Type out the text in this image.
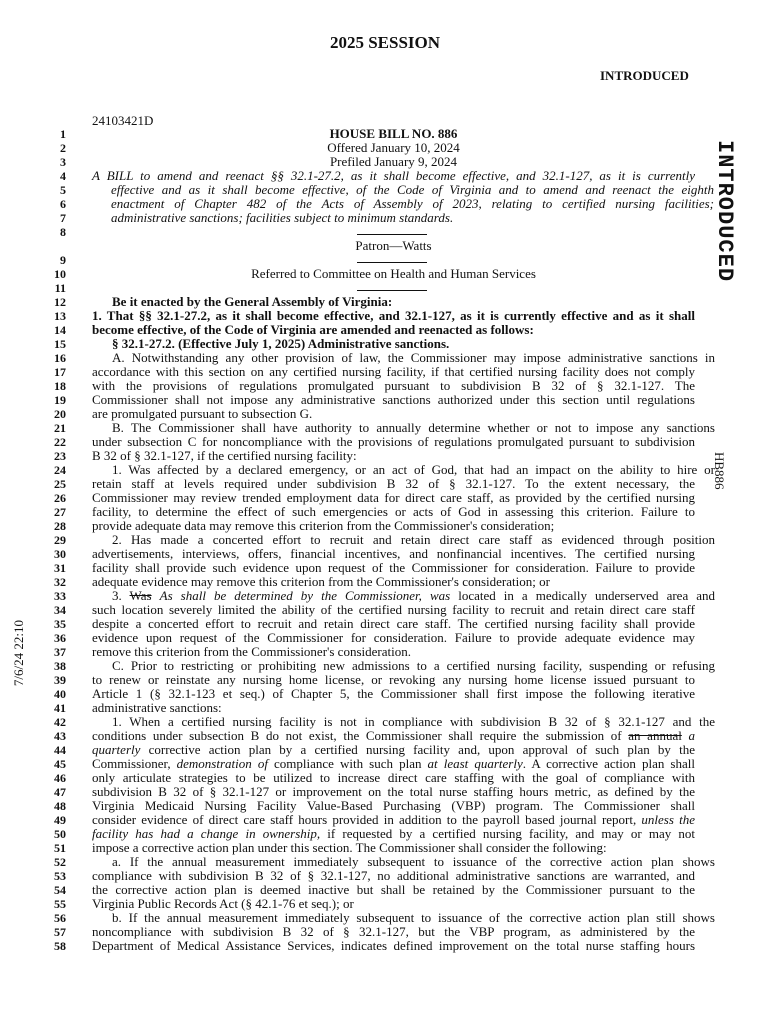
2025 SESSION
INTRODUCED
24103421D
INTRODUCED
HB886
7/6/24 22:10
1	HOUSE BILL NO. 886
2	Offered January 10, 2024
3	Prefiled January 9, 2024
4 A BILL to amend and reenact §§ 32.1-27.2, as it shall become effective, and 32.1-127, as it is currently
5	effective and as it shall become effective, of the Code of Virginia and to amend and reenact the eighth
6	enactment of Chapter 482 of the Acts of Assembly of 2023, relating to certified nursing facilities;
7	administrative sanctions; facilities subject to minimum standards.
8
Patron—Watts
9
10	Referred to Committee on Health and Human Services
11
12	Be it enacted by the General Assembly of Virginia:
13 1. That §§ 32.1-27.2, as it shall become effective, and 32.1-127, as it is currently effective and as it shall
14 become effective, of the Code of Virginia are amended and reenacted as follows:
15	§ 32.1-27.2. (Effective July 1, 2025) Administrative sanctions.
16	A. Notwithstanding any other provision of law, the Commissioner may impose administrative sanctions in
17 accordance with this section on any certified nursing facility, if that certified nursing facility does not comply
18 with the provisions of regulations promulgated pursuant to subdivision B 32 of § 32.1-127. The
19 Commissioner shall not impose any administrative sanctions authorized under this section until regulations
20 are promulgated pursuant to subsection G.
21	B. The Commissioner shall have authority to annually determine whether or not to impose any sanctions
22 under subsection C for noncompliance with the provisions of regulations promulgated pursuant to subdivision
23 B 32 of § 32.1-127, if the certified nursing facility:
24	1. Was affected by a declared emergency, or an act of God, that had an impact on the ability to hire or
25 retain staff at levels required under subdivision B 32 of § 32.1-127. To the extent necessary, the
26 Commissioner may review trended employment data for direct care staff, as provided by the certified nursing
27 facility, to determine the effect of such emergencies or acts of God in assessing this criterion. Failure to
28 provide adequate data may remove this criterion from the Commissioner's consideration;
29	2. Has made a concerted effort to recruit and retain direct care staff as evidenced through position
30 advertisements, interviews, offers, financial incentives, and nonfinancial incentives. The certified nursing
31 facility shall provide such evidence upon request of the Commissioner for consideration. Failure to provide
32 adequate evidence may remove this criterion from the Commissioner's consideration; or
33	3. Was As shall be determined by the Commissioner, was located in a medically underserved area and
34 such location severely limited the ability of the certified nursing facility to recruit and retain direct care staff
35 despite a concerted effort to recruit and retain direct care staff. The certified nursing facility shall provide
36 evidence upon request of the Commissioner for consideration. Failure to provide adequate evidence may
37 remove this criterion from the Commissioner's consideration.
38	C. Prior to restricting or prohibiting new admissions to a certified nursing facility, suspending or refusing
39 to renew or reinstate any nursing home license, or revoking any nursing home license issued pursuant to
40 Article 1 (§ 32.1-123 et seq.) of Chapter 5, the Commissioner shall first impose the following iterative
41 administrative sanctions:
42	1. When a certified nursing facility is not in compliance with subdivision B 32 of § 32.1-127 and the
43 conditions under subsection B do not exist, the Commissioner shall require the submission of an annual a
44 quarterly corrective action plan by a certified nursing facility and, upon approval of such plan by the
45 Commissioner, demonstration of compliance with such plan at least quarterly. A corrective action plan shall
46 only articulate strategies to be utilized to increase direct care staffing with the goal of compliance with
47 subdivision B 32 of § 32.1-127 or improvement on the total nurse staffing hours metric, as defined by the
48 Virginia Medicaid Nursing Facility Value-Based Purchasing (VBP) program. The Commissioner shall
49 consider evidence of direct care staff hours provided in addition to the payroll based journal report, unless the
50 facility has had a change in ownership, if requested by a certified nursing facility, and may or may not
51 impose a corrective action plan under this section. The Commissioner shall consider the following:
52	a. If the annual measurement immediately subsequent to issuance of the corrective action plan shows
53 compliance with subdivision B 32 of § 32.1-127, no additional administrative sanctions are warranted, and
54 the corrective action plan is deemed inactive but shall be retained by the Commissioner pursuant to the
55 Virginia Public Records Act (§ 42.1-76 et seq.); or
56	b. If the annual measurement immediately subsequent to issuance of the corrective action plan still shows
57 noncompliance with subdivision B 32 of § 32.1-127, but the VBP program, as administered by the
58 Department of Medical Assistance Services, indicates defined improvement on the total nurse staffing hours
